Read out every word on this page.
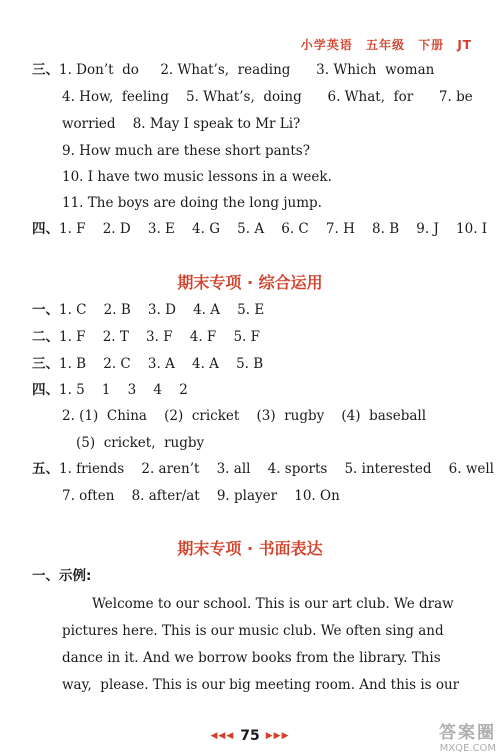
小学英语 五年级 下册 JT
三、1. Don’t  do     2. What’s,  reading      3. Which  woman
4. How,  feeling    5. What’s,  doing      6. What,  for      7. be
worried    8. May I speak to Mr Li?
9. How much are these short pants?
10. I have two music lessons in a week.
11. The boys are doing the long jump.
四、1. F    2. D    3. E    4. G    5. A    6. C    7. H    8. B    9. J    10. I
期末专项 · 综合运用
一、1. C    2. B    3. D    4. A    5. E
二、1. F    2. T    3. F    4. F    5. F
三、1. B    2. C    3. A    4. A    5. B
四、1. 5    1    3    4    2
2. (1)  China    (2)  cricket    (3)  rugby    (4)  baseball
(5)  cricket,  rugby
五、1. friends    2. aren’t    3. all    4. sports    5. interested    6. well
7. often    8. after/at    9. player    10. On
期末专项 · 书面表达
一、示例:
Welcome to our school. This is our art club. We draw
pictures here. This is our music club. We often sing and
dance in it. And we borrow books from the library. This
way,  please. This is our big meeting room. And this is our
◀◀◀ 75 ▶▶▶	答案圈
MXQE.COM
